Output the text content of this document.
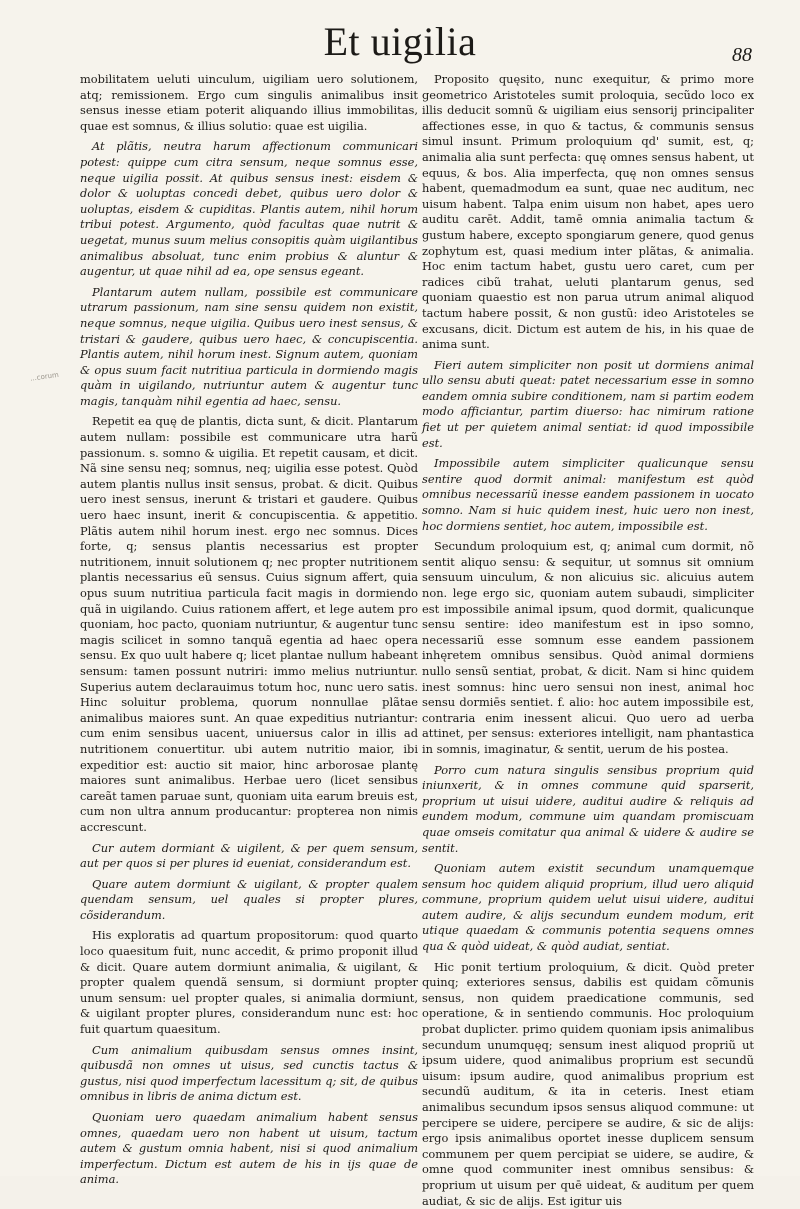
Et uigilia	88
...corum

mobilitatem ueluti uinculum, uigiliam uero solutionem, atq; remissionem. Ergo cum singulis animalibus insit sensus inesse etiam poterit aliquando illius immobilitas, quae est somnus, & illius solutio: quae est uigilia.

At plãtis, neutra harum affectionum communicari potest: quippe cum citra sensum, neque somnus esse, neque uigilia possit. At quibus sensus inest: eisdem & dolor & uoluptas concedi debet, quibus uero dolor & uoluptas, eisdem & cupiditas. Plantis autem, nihil horum tribui potest. Argumento, quòd facultas quae nutrit & uegetat, munus suum melius consopitis quàm uigilantibus animalibus absoluat, tunc enim probius & aluntur & augentur, ut quae nihil ad ea, ope sensus egeant.

Plantarum autem nullam, possibile est communicare utrarum passionum, nam sine sensu quidem non existit, neque somnus, neque uigilia. Quibus uero inest sensus, & tristari & gaudere, quibus uero haec, & concupiscentia. Plantis autem, nihil horum inest. Signum autem, quoniam & opus suum facit nutritiua particula in dormiendo magis quàm in uigilando, nutriuntur autem & augentur tunc magis, tanquàm nihil egentia ad haec, sensu.

Repetit ea quę de plantis, dicta sunt, & dicit. Plantarum autem nullam: possibile est communicare utra harũ passionum. s. somno & uigilia. Et repetit causam, et dicit. Nã sine sensu neq; somnus, neq; uigilia esse potest. Quòd autem plantis nullus insit sensus, probat. & dicit. Quibus uero inest sensus, inerunt & tristari et gaudere. Quibus uero haec insunt, inerit & concupiscentia. & appetitio. Plãtis autem nihil horum inest. ergo nec somnus. Dices forte, q; sensus plantis necessarius est propter nutritionem, innuit solutionem q; nec propter nutritionem plantis necessarius eũ sensus. Cuius signum affert, quia opus suum nutritiua particula facit magis in dormiendo quã in uigilando. Cuius rationem affert, et lege autem pro quoniam, hoc pacto, quoniam nutriuntur, & augentur tunc magis scilicet in somno tanquã egentia ad haec opera sensu. Ex quo uult habere q; licet plantae nullum habeant sensum: tamen possunt nutriri: immo melius nutriuntur. Superius autem declarauimus totum hoc, nunc uero satis. Hinc soluitur problema, quorum nonnullae plãtae animalibus maiores sunt. An quae expeditius nutriantur: cum enim sensibus uacent, uniuersus calor in illis ad nutritionem conuertitur. ubi autem nutritio maior, ibi expeditior est: auctio sit maior, hinc arborosae plantę maiores sunt animalibus. Herbae uero (licet sensibus careãt tamen paruae sunt, quoniam uita earum breuis est, cum non ultra annum producantur: propterea non nimis accrescunt.

Cur autem dormiant & uigilent, & per quem sensum, aut per quos si per plures id eueniat, considerandum est.

Quare autem dormiunt & uigilant, & propter qualem quendam sensum, uel quales si propter plures, cõsiderandum.

His exploratis ad quartum propositorum: quod quarto loco quaesitum fuit, nunc accedit, & primo proponit illud & dicit. Quare autem dormiunt animalia, & uigilant, & propter qualem quendã sensum, si dormiunt propter unum sensum: uel propter quales, si animalia dormiunt, & uigilant propter plures, considerandum nunc est: hoc fuit quartum quaesitum.

Cum animalium quibusdam sensus omnes insint, quibusdã non omnes ut uisus, sed cunctis tactus & gustus, nisi quod imperfectum lacessitum q; sit, de quibus omnibus in libris de anima dictum est.

Quoniam uero quaedam animalium habent sensus omnes, quaedam uero non habent ut uisum, tactum autem & gustum omnia habent, nisi si quod animalium imperfectum. Dictum est autem de his in ijs quae de anima.

Proposito quęsito, nunc exequitur, & primo more geometrico Aristoteles sumit proloquia, secũdo loco ex illis deducit somnũ & uigiliam eius sensorij principaliter affectiones esse, in quo & tactus, & communis sensus simul insunt. Primum proloquium qd' sumit, est, q; animalia alia sunt perfecta: quę omnes sensus habent, ut equus, & bos. Alia imperfecta, quę non omnes sensus habent, quemadmodum ea sunt, quae nec auditum, nec uisum habent. Talpa enim uisum non habet, apes uero auditu carēt. Addit, tamē omnia animalia tactum & gustum habere, excepto spongiarum genere, quod genus zophytum est, quasi medium inter plãtas, & animalia. Hoc enim tactum habet, gustu uero caret, cum per radices cibũ trahat, ueluti plantarum genus, sed quoniam quaestio est non parua utrum animal aliquod tactum habere possit, & non gustũ: ideo Aristoteles se excusans, dicit. Dictum est autem de his, in his quae de anima sunt.

Fieri autem simpliciter non posit ut dormiens animal ullo sensu abuti queat: patet necessarium esse in somno eandem omnia subire conditionem, nam si partim eodem modo afficiantur, partim diuerso: hac nimirum ratione fiet ut per quietem animal sentiat: id quod impossibile est.

Impossibile autem simpliciter qualicunque sensu sentire quod dormit animal: manifestum est quòd omnibus necessariũ inesse eandem passionem in uocato somno. Nam si huic quidem inest, huic uero non inest, hoc dormiens sentiet, hoc autem, impossibile est.

Secundum proloquium est, q; animal cum dormit, nõ sentit aliquo sensu: & sequitur, ut somnus sit omnium sensuum uinculum, & non alicuius sic. alicuius autem non. lege ergo sic, quoniam autem subaudi, simpliciter est impossibile animal ipsum, quod dormit, qualicunque sensu sentire: ideo manifestum est in ipso somno, necessariũ esse somnum esse eandem passionem inhęretem omnibus sensibus. Quòd animal dormiens nullo sensũ sentiat, probat, & dicit. Nam si hinc quidem inest somnus: hinc uero sensui non inest, animal hoc sensu dormiēs sentiet. f. alio: hoc autem impossibile est, contraria enim inessent alicui. Quo uero ad uerba attinet, per sensus: exteriores intelligit, nam phantastica in somnis, imaginatur, & sentit, uerum de his postea.

Porro cum natura singulis sensibus proprium quid iniunxerit, & in omnes commune quid sparserit, proprium ut uisui uidere, auditui audire & reliquis ad eundem modum, commune uim quandam promiscuam quae omseis comitatur qua animal & uidere & audire se sentit.

Quoniam autem existit secundum unamquemque sensum hoc quidem aliquid proprium, illud uero aliquid commune, proprium quidem uelut uisui uidere, auditui autem audire, & alijs secundum eundem modum, erit utique quaedam & communis potentia sequens omnes qua & quòd uideat, & quòd audiat, sentiat.

Hic ponit tertium proloquium, & dicit. Quòd preter quinq; exteriores sensus, dabilis est quidam cõmunis sensus, non quidem praedicatione communis, sed operatione, & in sentiendo communis. Hoc proloquium probat duplicter. primo quidem quoniam ipsis animalibus secundum unumquęq; sensum inest aliquod propriũ ut ipsum uidere, quod animalibus proprium est secundũ uisum: ipsum audire, quod animalibus proprium est secundũ auditum, & ita in ceteris. Inest etiam animalibus secundum ipsos sensus aliquod commune: ut percipere se uidere, percipere se audire, & sic de alijs: ergo ipsis animalibus oportet inesse duplicem sensum communem per quem percipiat se uidere, se audire, & omne quod communiter inest omnibus sensibus: & proprium ut uisum per quē uideat, & auditum per quem audiat, & sic de alijs. Est igitur uis
